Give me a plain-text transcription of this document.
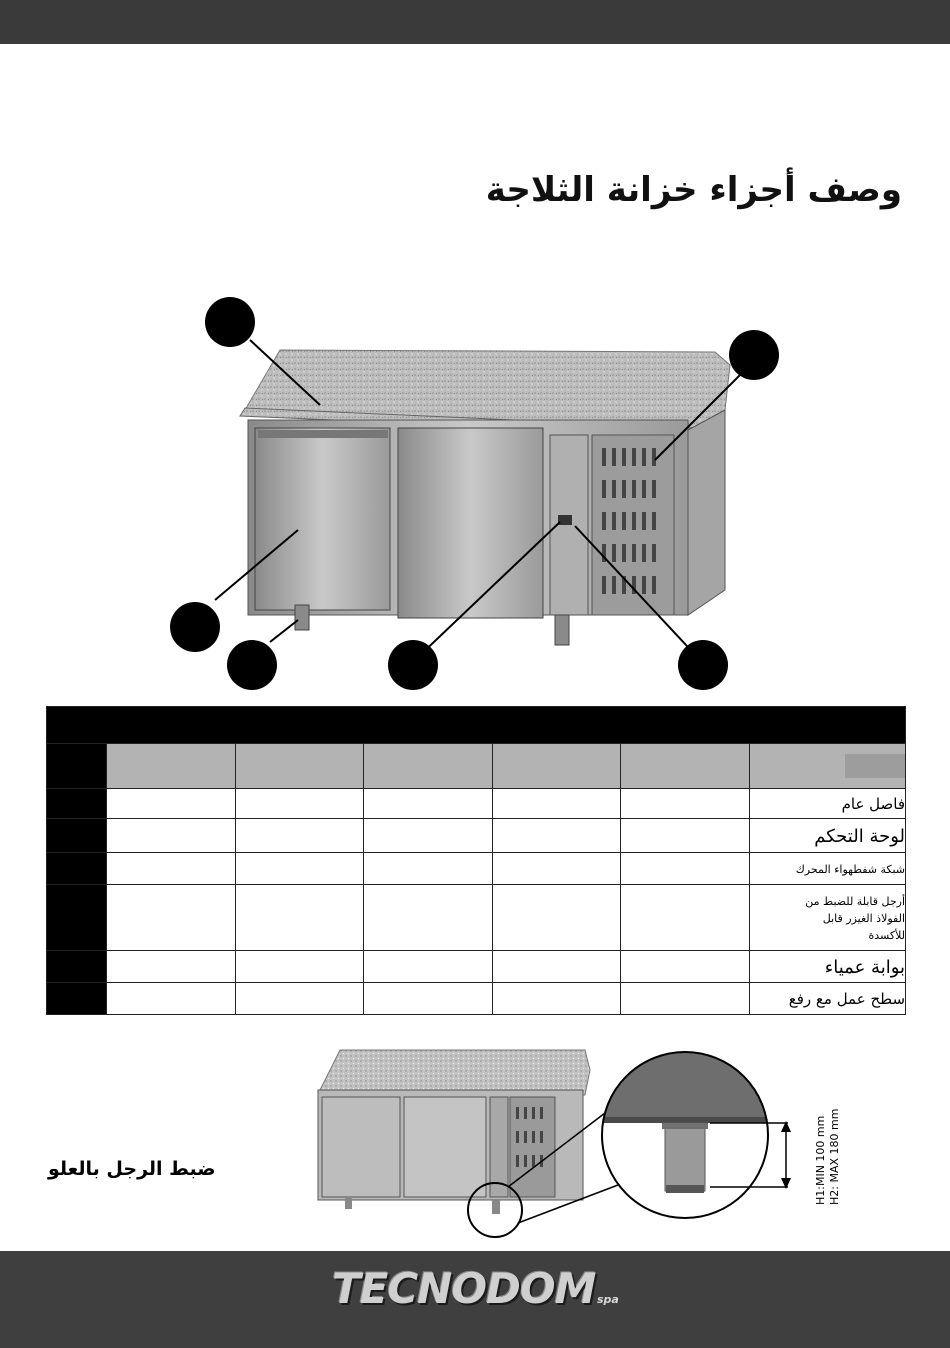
وصف أجزاء خزانة الثلاجة

						فاصل عام
						لوحة التحكم
						شبكة شفطهواء المحرك

						أرجل قابلة للضبط من
الفولاذ الغيزر قابل
للأكسدة

						بوابة عمياء
						سطح عمل مع رفع
ضبط الرجل بالعلو	H1:MIN 100 mm H2: MAX 180 mm
TECNODOM spa
